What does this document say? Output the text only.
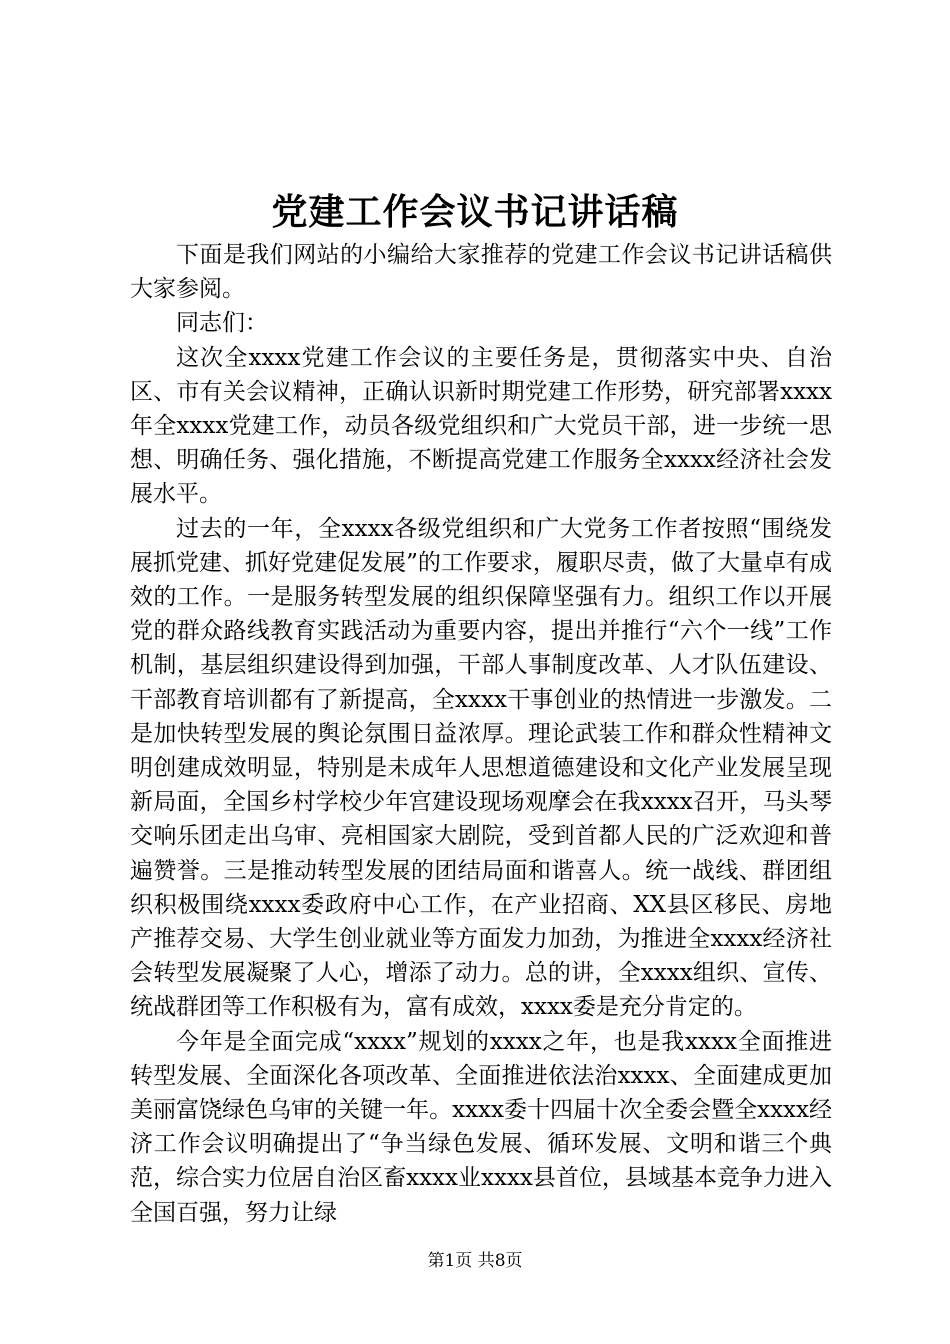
党建工作会议书记讲话稿

下面是我们网站的小编给大家推荐的党建工作会议书记讲话稿供大家参阅。

同志们：

这次全xxxx党建工作会议的主要任务是，贯彻落实中央、自治区、市有关会议精神，正确认识新时期党建工作形势，研究部署xxxx年全xxxx党建工作，动员各级党组织和广大党员干部，进一步统一思想、明确任务、强化措施，不断提高党建工作服务全xxxx经济社会发展水平。

过去的一年，全xxxx各级党组织和广大党务工作者按照“围绕发展抓党建、抓好党建促发展”的工作要求，履职尽责，做了大量卓有成效的工作。一是服务转型发展的组织保障坚强有力。组织工作以开展党的群众路线教育实践活动为重要内容，提出并推行“六个一线”工作机制，基层组织建设得到加强，干部人事制度改革、人才队伍建设、干部教育培训都有了新提高，全xxxx干事创业的热情进一步激发。二是加快转型发展的舆论氛围日益浓厚。理论武装工作和群众性精神文明创建成效明显，特别是未成年人思想道德建设和文化产业发展呈现新局面，全国乡村学校少年宫建设现场观摩会在我xxxx召开，马头琴交响乐团走出乌审、亮相国家大剧院，受到首都人民的广泛欢迎和普遍赞誉。三是推动转型发展的团结局面和谐喜人。统一战线、群团组织积极围绕xxxx委政府中心工作，在产业招商、XX县区移民、房地产推荐交易、大学生创业就业等方面发力加劲，为推进全xxxx经济社会转型发展凝聚了人心，增添了动力。总的讲，全xxxx组织、宣传、统战群团等工作积极有为，富有成效，xxxx委是充分肯定的。

今年是全面完成“xxxx”规划的xxxx之年，也是我xxxx全面推进转型发展、全面深化各项改革、全面推进依法治xxxx、全面建成更加美丽富饶绿色乌审的关键一年。xxxx委十四届十次全委会暨全xxxx经济工作会议明确提出了“争当绿色发展、循环发展、文明和谐三个典范，综合实力位居自治区畜xxxx业xxxx县首位，县域基本竞争力进入全国百强，努力让绿

第1页 共8页
